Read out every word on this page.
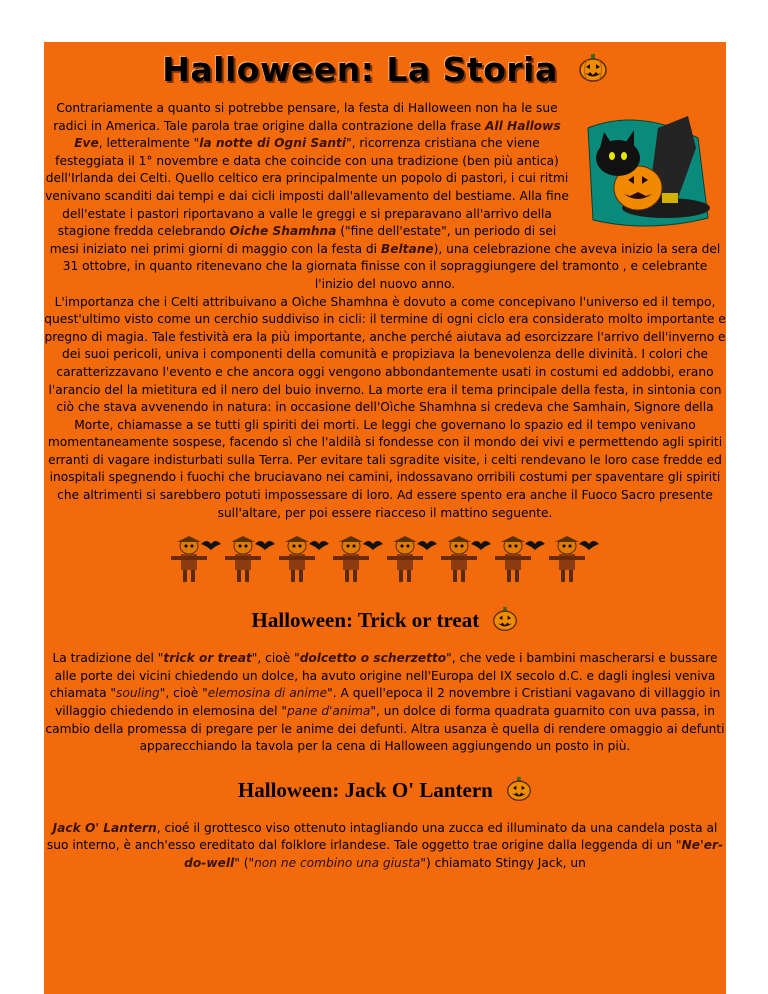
Halloween: La Storia

Contrariamente a quanto si potrebbe pensare, la festa di Halloween non ha le sue radici in America. Tale parola trae origine dalla contrazione della frase All Hallows Eve, letteralmente "la notte di Ogni Santi", ricorrenza cristiana che viene festeggiata il 1° novembre e data che coincide con una tradizione (ben più antica) dell'Irlanda dei Celti. Quello celtico era principalmente un popolo di pastori, i cui ritmi venivano scanditi dai tempi e dai cicli imposti dall'allevamento del bestiame. Alla fine dell'estate i pastori riportavano a valle le greggi e si preparavano all'arrivo della stagione fredda celebrando Oiche Shamhna ("fine dell'estate", un periodo di sei mesi iniziato nei primi giorni di maggio con la festa di Beltane), una celebrazione che aveva inizio la sera del 31 ottobre, in quanto ritenevano che la giornata finisse con il sopraggiungere del tramonto , e celebrante l'inizio del nuovo anno.

L'importanza che i Celti attribuivano a Oìche Shamhna è dovuto a come concepivano l'universo ed il tempo, quest'ultimo visto come un cerchio suddiviso in cicli: il termine di ogni ciclo era considerato molto importante e pregno di magia. Tale festività era la più importante, anche perché aiutava ad esorcizzare l'arrivo dell'inverno e dei suoi pericoli, univa i componenti della comunità e propiziava la benevolenza delle divinità. I colori che caratterizzavano l'evento e che ancora oggi vengono abbondantemente usati in costumi ed addobbi, erano l'arancio del la mietitura ed il nero del buio inverno. La morte era il tema principale della festa, in sintonia con ciò che stava avvenendo in natura: in occasione dell'Oìche Shamhna si credeva che Samhain, Signore della Morte, chiamasse a se tutti gli spiriti dei morti. Le leggi che governano lo spazio ed il tempo venivano momentaneamente sospese, facendo sì che l'aldilà si fondesse con il mondo dei vivi e permettendo agli spiriti erranti di vagare indisturbati sulla Terra. Per evitare tali sgradite visite, i celti rendevano le loro case fredde ed inospitali spegnendo i fuochi che bruciavano nei camini, indossavano orribili costumi per spaventare gli spiriti che altrimenti si sarebbero potuti impossessare di loro. Ad essere spento era anche il Fuoco Sacro presente sull'altare, per poi essere riacceso il mattino seguente.

Halloween: Trick or treat

La tradizione del "trick or treat", cioè "dolcetto o scherzetto", che vede i bambini mascherarsi e bussare alle porte dei vicini chiedendo un dolce, ha avuto origine nell'Europa del IX secolo d.C. e dagli inglesi veniva chiamata "souling", cioè "elemosina di anime". A quell'epoca il 2 novembre i Cristiani vagavano di villaggio in villaggio chiedendo in elemosina del "pane d'anima", un dolce di forma quadrata guarnito con uva passa, in cambio della promessa di pregare per le anime dei defunti. Altra usanza è quella di rendere omaggio ai defunti apparecchiando la tavola per la cena di Halloween aggiungendo un posto in più.

Halloween: Jack O' Lantern

Jack O' Lantern, cioé il grottesco viso ottenuto intagliando una zucca ed illuminato da una candela posta al suo interno, è anch'esso ereditato dal folklore irlandese. Tale oggetto trae origine dalla leggenda di un "Ne'er-do-well" ("non ne combino una giusta") chiamato Stingy Jack, un
